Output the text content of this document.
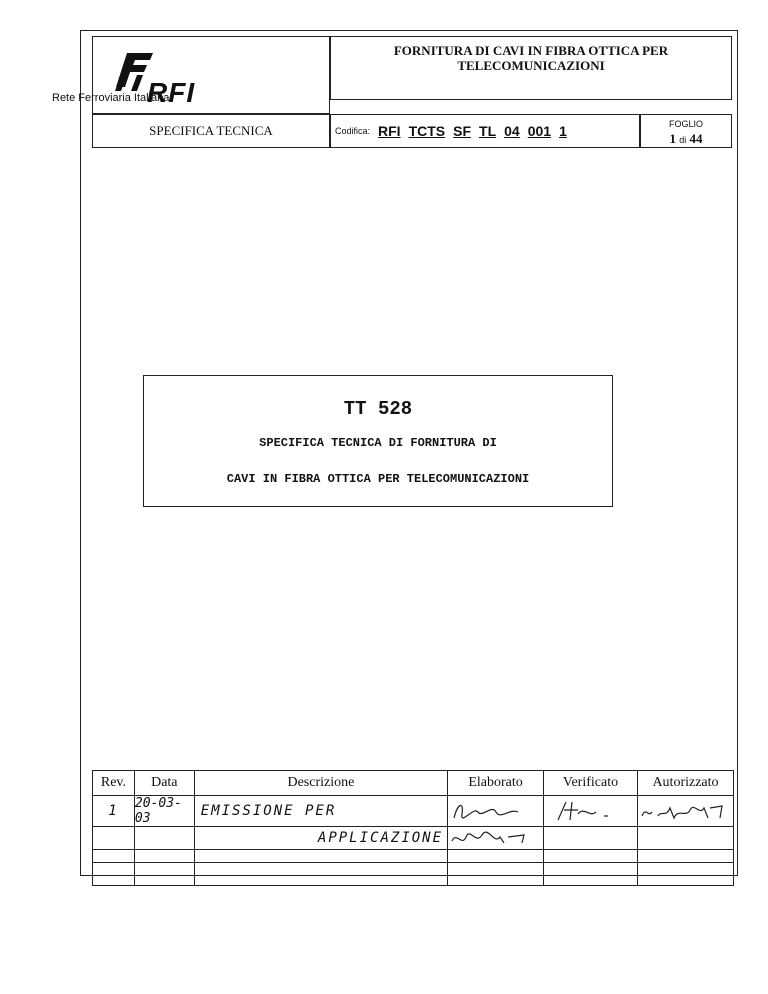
RFI
Rete Ferroviaria Italiana
FORNITURA DI CAVI IN FIBRA OTTICA PER
TELECOMUNICAZIONI
SPECIFICA TECNICA	Codifica: RFI TCTS SF TL 04 001 1	FOGLIO
1 di 44
TT 528
SPECIFICA TECNICA DI FORNITURA DI
CAVI IN FIBRA OTTICA PER TELECOMUNICAZIONI
Rev.	Data	Descrizione	Elaborato	Verificato	Autorizzato
1	20-03-03	EMISSIONE PER	

		APPLICAZIONE	
